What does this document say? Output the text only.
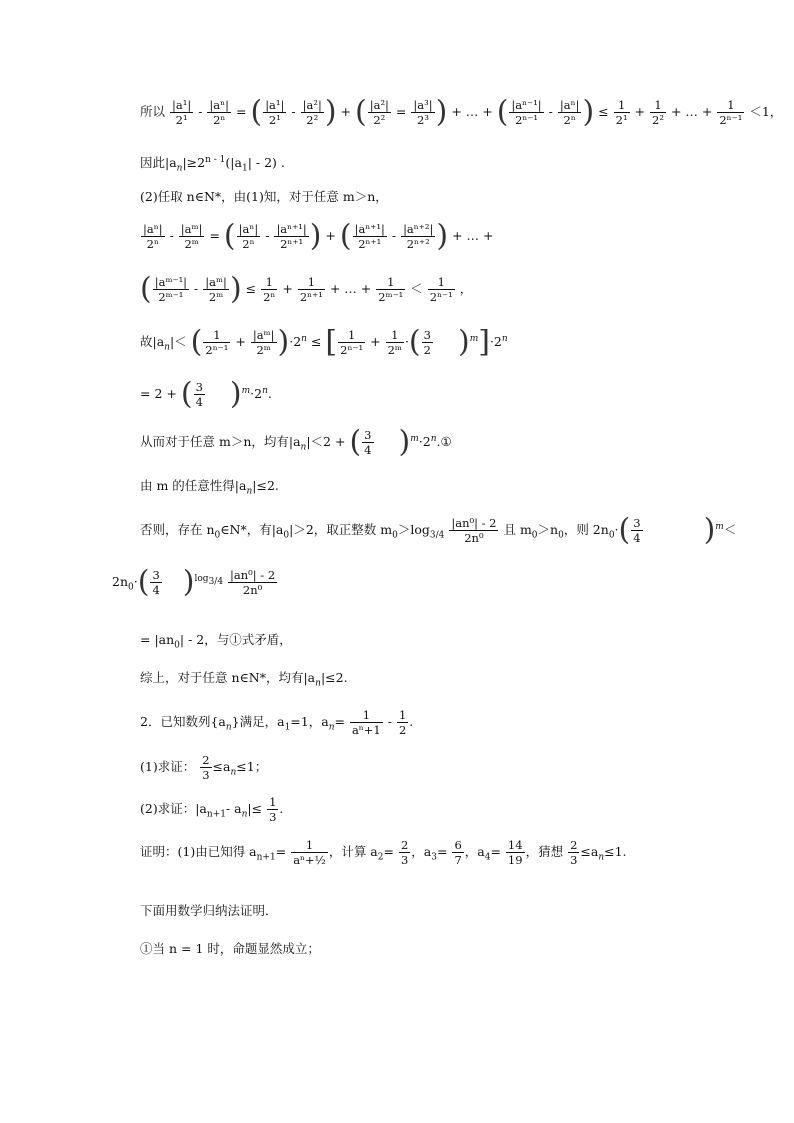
所以 $\frac{\text{|a¹|}}{\text{2¹}} - \frac{\text{|aⁿ|}}{\text{2ⁿ}}$ = ( $\frac{\text{|a¹|}}{\text{2¹}} - \frac{\text{|a²|}}{\text{2²}}$ ) + ( $\frac{\text{|a²|}}{\text{2²}} = \frac{\text{|a³|}}{\text{2³}}$ ) + … + ( $\frac{\text{|aⁿ⁻¹|}}{\text{2ⁿ⁻¹}} - \frac{\text{|aⁿ|}}{\text{2ⁿ}}$ ) ≤ $\frac{1}{\text{2¹}} + \frac{1}{\text{2²}}$ + … + $\frac{1}{\text{2ⁿ⁻¹}} <1$，
因此$|a_n|\ge 2^{n - 1}(|a_1| - 2)$ .
(2)任取 n∈N*，由(1)知，对于任意 m＞n，
$\frac{\text{|aⁿ|}}{\text{2ⁿ}} - \frac{\text{|aᵐ|}}{\text{2ᵐ}}$ = ( $\frac{\text{|aⁿ|}}{\text{2ⁿ}} - \frac{\text{|aⁿ⁺¹|}}{\text{2ⁿ⁺¹}}$ ) + ( $\frac{\text{|aⁿ⁺¹|}}{\text{2ⁿ⁺¹}} - \frac{\text{|aⁿ⁺²|}}{\text{2ⁿ⁺²}}$ ) + … +
( $\frac{\text{|aᵐ⁻¹|}}{\text{2ᵐ⁻¹}} - \frac{\text{|aᵐ|}}{\text{2ᵐ}}$ ) ≤ $\frac{1}{\text{2ⁿ}} + \frac{1}{\text{2ⁿ⁺¹}}$ + … + $\frac{1}{\text{2ᵐ⁻¹}} < \frac{1}{\text{2ⁿ⁻¹}}$ ，
故$|a_n|<$ ( $\frac{1}{\text{2ⁿ⁻¹}} + \frac{\text{|aᵐ|}}{\text{2ᵐ}} )\cdot 2^n$ ≤ [ $\frac{1}{\text{2ⁿ⁻¹}} + \frac{1}{\text{2ᵐ}}$ ·( $\frac{3}{2} )^m]\cdot 2^n$
= 2 + ( $\frac{3}{4} )^m\cdot 2^n$.
从而对于任意 m＞n，均有$|a_n|<2$ + ( $\frac{3}{4}$ )$^m\cdot 2^n.①$
由 m 的任意性得$|a_n|\le 2$.
否则，存在 $n_0\in N*$，有$|a_0|>2$，取正整数 $m_0>\log_{3/4} \frac{\text{|an⁰| - 2}}{\text{2n⁰}}$ 且 $m_0>n_0$，则 $2n_0\cdot( \frac{3}{4} )^m<$
$2n_0\cdot( \frac{3}{4} )^{log_{3/4}} \frac{\text{|an⁰| - 2}}{\text{2n⁰}}$
= $|an_0| - 2$，与①式矛盾，
综上，对于任意 n∈N*，均有$|a_n|\le 2$.
2．已知数列$\{a_n\}$满足，$a_1=1$，$a_n= \frac{1}{\text{aⁿ+1}} - \frac{1}{2}$ .
(1)求证： $\frac{2}{3} \le a_n\le 1$；
(2)求证：$|a_{n+1}-$ $a_n|\le \frac{1}{3}$ .
证明：(1)由已知得 $a_{n+1}= \frac{1}{\text{aⁿ+½}}$ ，计算 $a_2= \frac{2}{3}$ ，$a_3= \frac{6}{7}$ ，$a_4= \frac{14}{19}$ ，猜想 $\frac{2}{3} \le a_n\le 1$.
下面用数学归纳法证明．
①当 n = 1 时，命题显然成立；
